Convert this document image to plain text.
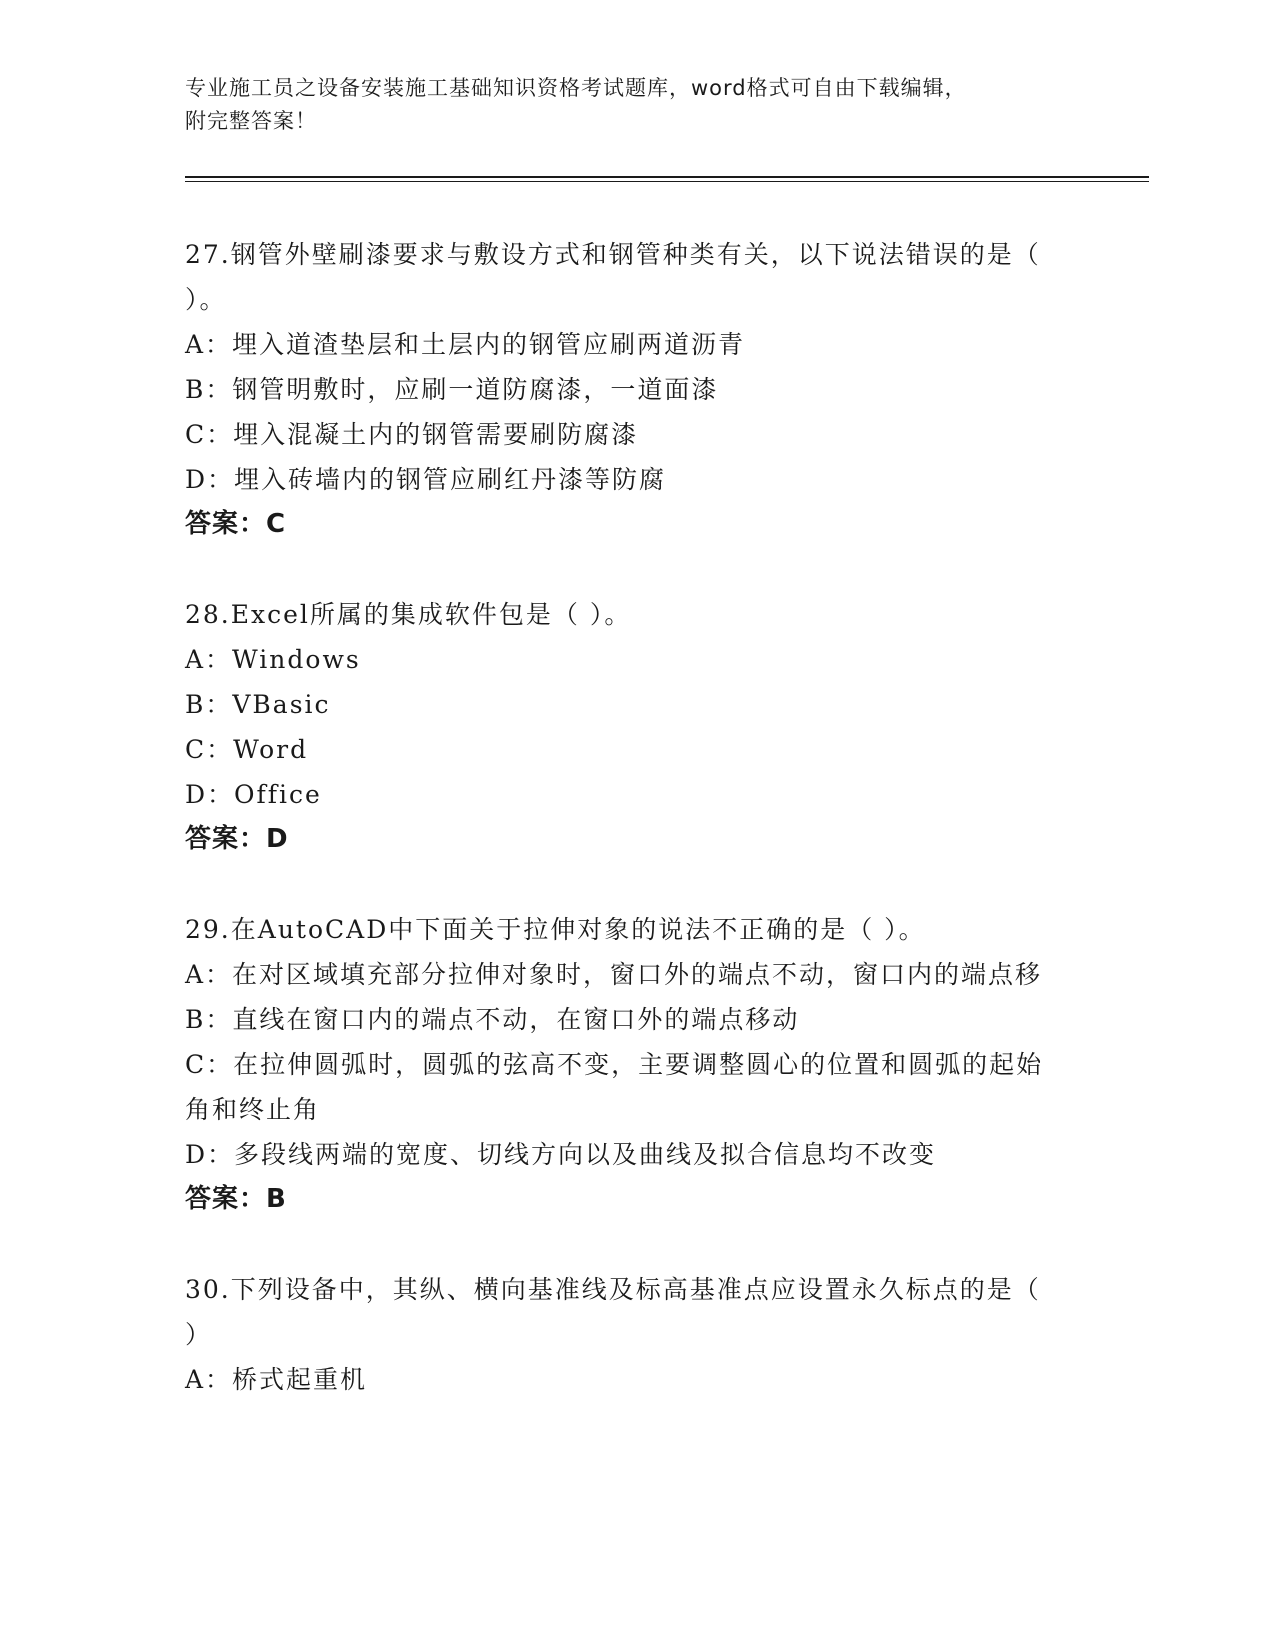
专业施工员之设备安装施工基础知识资格考试题库，word格式可自由下载编辑，
附完整答案！
27.钢管外壁刷漆要求与敷设方式和钢管种类有关，以下说法错误的是（ ）。
A：埋入道渣垫层和土层内的钢管应刷两道沥青
B：钢管明敷时，应刷一道防腐漆，一道面漆
C：埋入混凝土内的钢管需要刷防腐漆
D：埋入砖墙内的钢管应刷红丹漆等防腐
答案：C
28.Excel所属的集成软件包是（ ）。
A：Windows
B：VBasic
C：Word
D：Office
答案：D
29.在AutoCAD中下面关于拉伸对象的说法不正确的是（ ）。
A：在对区域填充部分拉伸对象时，窗口外的端点不动，窗口内的端点移
B：直线在窗口内的端点不动，在窗口外的端点移动
C：在拉伸圆弧时，圆弧的弦高不变，主要调整圆心的位置和圆弧的起始角和终止角
D：多段线两端的宽度、切线方向以及曲线及拟合信息均不改变
答案：B
30.下列设备中，其纵、横向基准线及标高基准点应设置永久标点的是（ ）
A：桥式起重机
